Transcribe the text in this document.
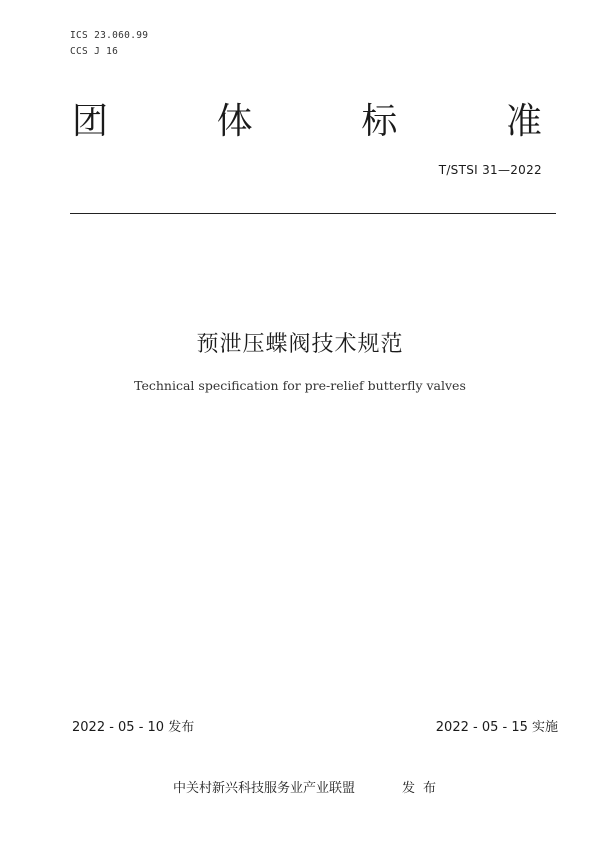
ICS 23.060.99
CCS J 16
团	体	标	准
T/STSI 31—2022
预泄压蝶阀技术规范
Technical specification for pre-relief butterfly valves
2022 - 05 - 10 发布	2022 - 05 - 15 实施
中关村新兴科技服务业产业联盟	发布
